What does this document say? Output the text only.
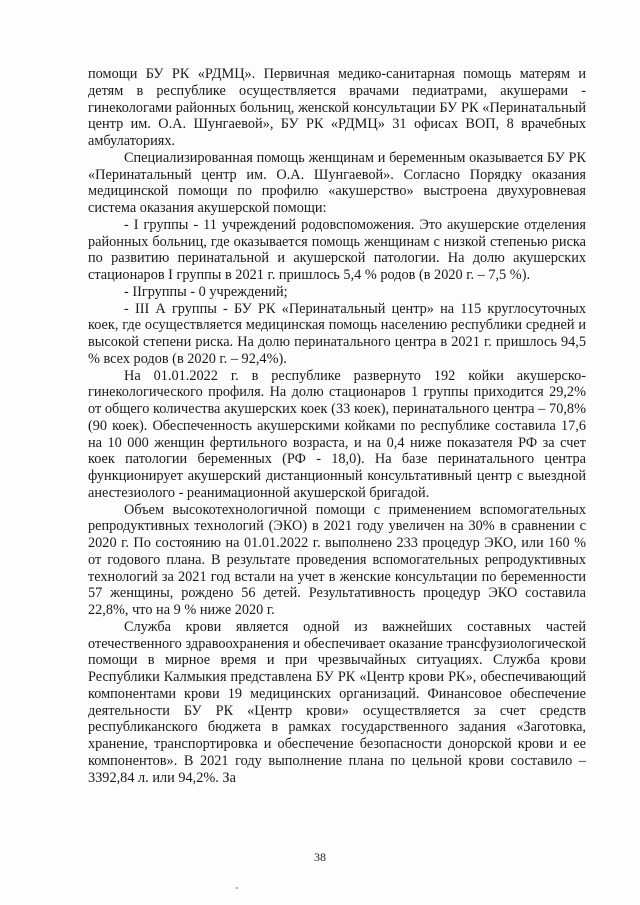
помощи БУ РК «РДМЦ». Первичная медико-санитарная помощь матерям и детям в республике осуществляется врачами педиатрами, акушерами - гинекологами районных больниц, женской консультации БУ РК «Перинатальный центр им. О.А. Шунгаевой», БУ РК «РДМЦ» 31 офисах ВОП, 8 врачебных амбулаториях.

Специализированная помощь женщинам и беременным оказывается БУ РК «Перинатальный центр им. О.А. Шунгаевой». Согласно Порядку оказания медицинской помощи по профилю «акушерство» выстроена двухуровневая система оказания акушерской помощи:

- I группы - 11 учреждений родовспоможения. Это акушерские отделения районных больниц, где оказывается помощь женщинам с низкой степенью риска по развитию перинатальной и акушерской патологии. На долю акушерских стационаров I группы в 2021 г. пришлось 5,4 % родов (в 2020 г. – 7,5 %).

- IIгруппы - 0 учреждений;

- III А группы - БУ РК «Перинатальный центр» на 115 круглосуточных коек, где осуществляется медицинская помощь населению республики средней и высокой степени риска. На долю перинатального центра в 2021 г. пришлось 94,5 % всех родов (в 2020 г. – 92,4%).

На 01.01.2022 г. в республике развернуто 192 койки акушерско-гинекологического профиля. На долю стационаров 1 группы приходится 29,2% от общего количества акушерских коек (33 коек), перинатального центра – 70,8% (90 коек). Обеспеченность акушерскими койками по республике составила 17,6 на 10 000 женщин фертильного возраста, и на 0,4 ниже показателя РФ за счет коек патологии беременных (РФ - 18,0). На базе перинатального центра функционирует акушерский дистанционный консультативный центр с выездной анестезиолого - реанимационной акушерской бригадой.

Объем высокотехнологичной помощи с применением вспомогательных репродуктивных технологий (ЭКО) в 2021 году увеличен на 30% в сравнении с 2020 г. По состоянию на 01.01.2022 г. выполнено 233 процедур ЭКО, или 160 % от годового плана. В результате проведения вспомогательных репродуктивных технологий за 2021 год встали на учет в женские консультации по беременности 57 женщины, рождено 56 детей. Результативность процедур ЭКО составила 22,8%, что на 9 % ниже 2020 г.

Служба крови является одной из важнейших составных частей отечественного здравоохранения и обеспечивает оказание трансфузиологической помощи в мирное время и при чрезвычайных ситуациях. Служба крови Республики Калмыкия представлена БУ РК «Центр крови РК», обеспечивающий компонентами крови 19 медицинских организаций. Финансовое обеспечение деятельности БУ РК «Центр крови» осуществляется за счет средств республиканского бюджета в рамках государственного задания «Заготовка, хранение, транспортировка и обеспечение безопасности донорской крови и ее компонентов». В 2021 году выполнение плана по цельной крови составило – 3392,84 л. или 94,2%. За

38
